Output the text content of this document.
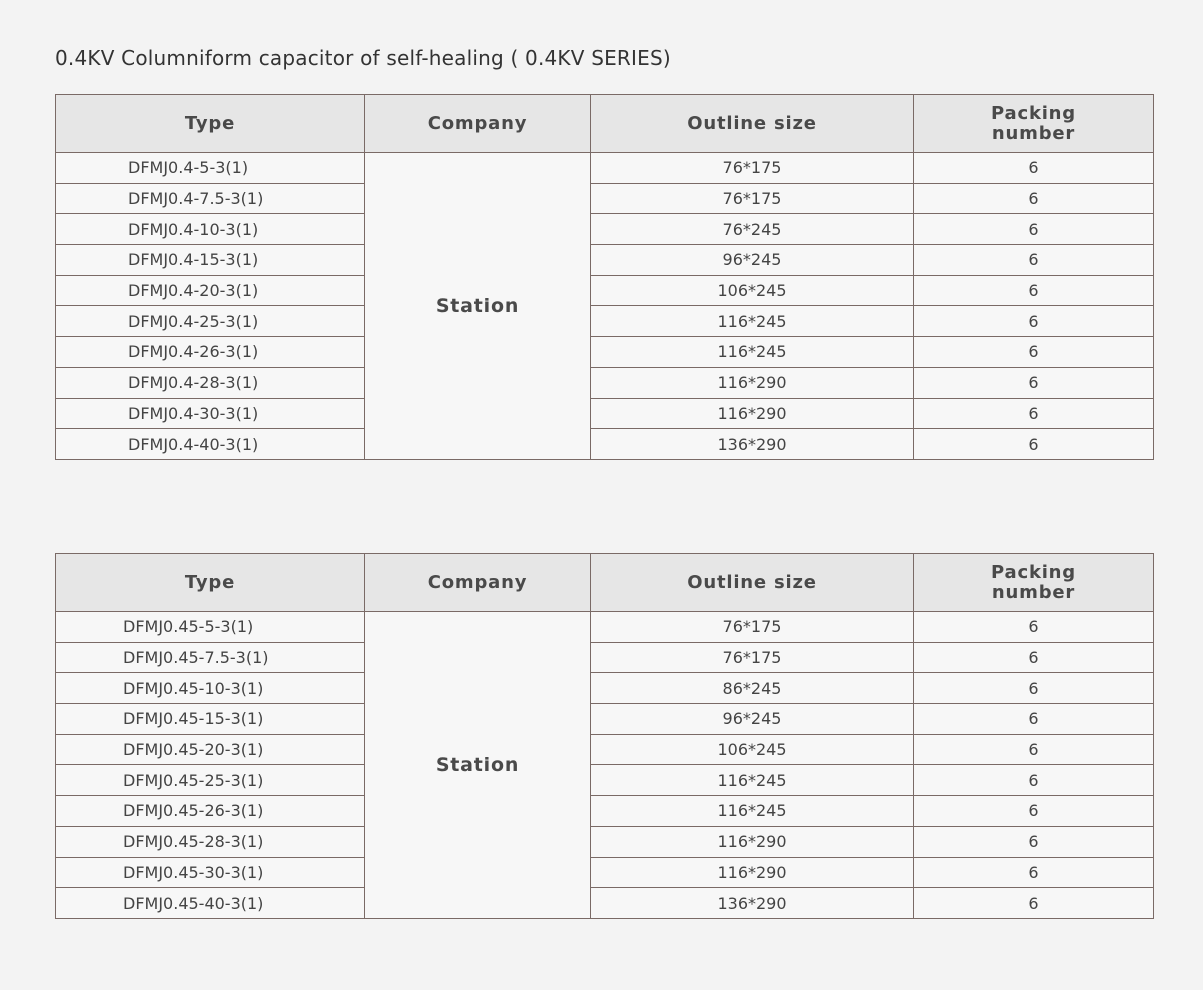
0.4KV Columniform capacitor of self-healing ( 0.4KV SERIES)
Type	Company	Outline size	Packing
number

DFMJ0.4-5-3(1)	Station	76*175	6
DFMJ0.4-7.5-3(1)		76*175	6
DFMJ0.4-10-3(1)		76*245	6
DFMJ0.4-15-3(1)		96*245	6
DFMJ0.4-20-3(1)		106*245	6
DFMJ0.4-25-3(1)		116*245	6
DFMJ0.4-26-3(1)		116*245	6
DFMJ0.4-28-3(1)		116*290	6
DFMJ0.4-30-3(1)		116*290	6
DFMJ0.4-40-3(1)		136*290	6
Type	Company	Outline size	Packing
number

DFMJ0.45-5-3(1)	Station	76*175	6
DFMJ0.45-7.5-3(1)		76*175	6
DFMJ0.45-10-3(1)		86*245	6
DFMJ0.45-15-3(1)		96*245	6
DFMJ0.45-20-3(1)		106*245	6
DFMJ0.45-25-3(1)		116*245	6
DFMJ0.45-26-3(1)		116*245	6
DFMJ0.45-28-3(1)		116*290	6
DFMJ0.45-30-3(1)		116*290	6
DFMJ0.45-40-3(1)		136*290	6
